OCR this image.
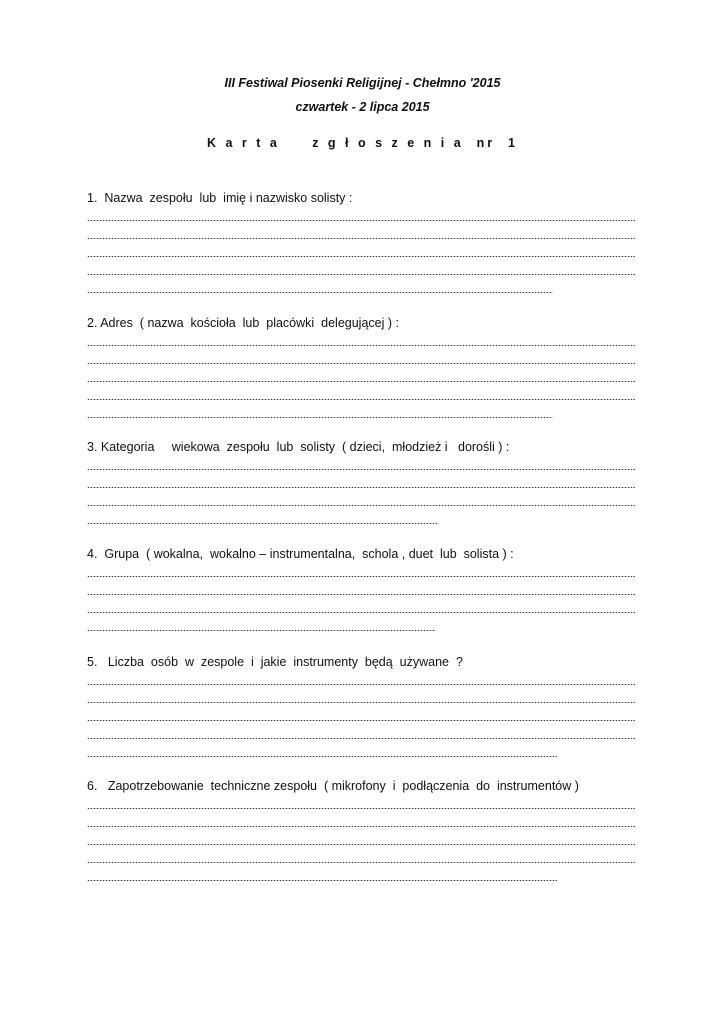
III Festiwal Piosenki Religijnej - Chełmno '2015
czwartek - 2 lipca 2015
K a r t a     z g ł o s z e n i a  nr  1
1.  Nazwa  zespołu  lub  imię i nazwisko solisty :
2. Adres  ( nazwa  kościoła  lub  placówki  delegującej ) :
3. Kategoria     wiekowa  zespołu  lub  solisty  ( dzieci,  młodzież i   dorośli ) :
4.  Grupa  ( wokalna,  wokalno – instrumentalna,  schola , duet  lub  solista ) :
5.   Liczba  osób  w  zespole  i  jakie  instrumenty  będą  używane  ?
6.   Zapotrzebowanie  techniczne zespołu  ( mikrofony  i  podłączenia  do  instrumentów )
